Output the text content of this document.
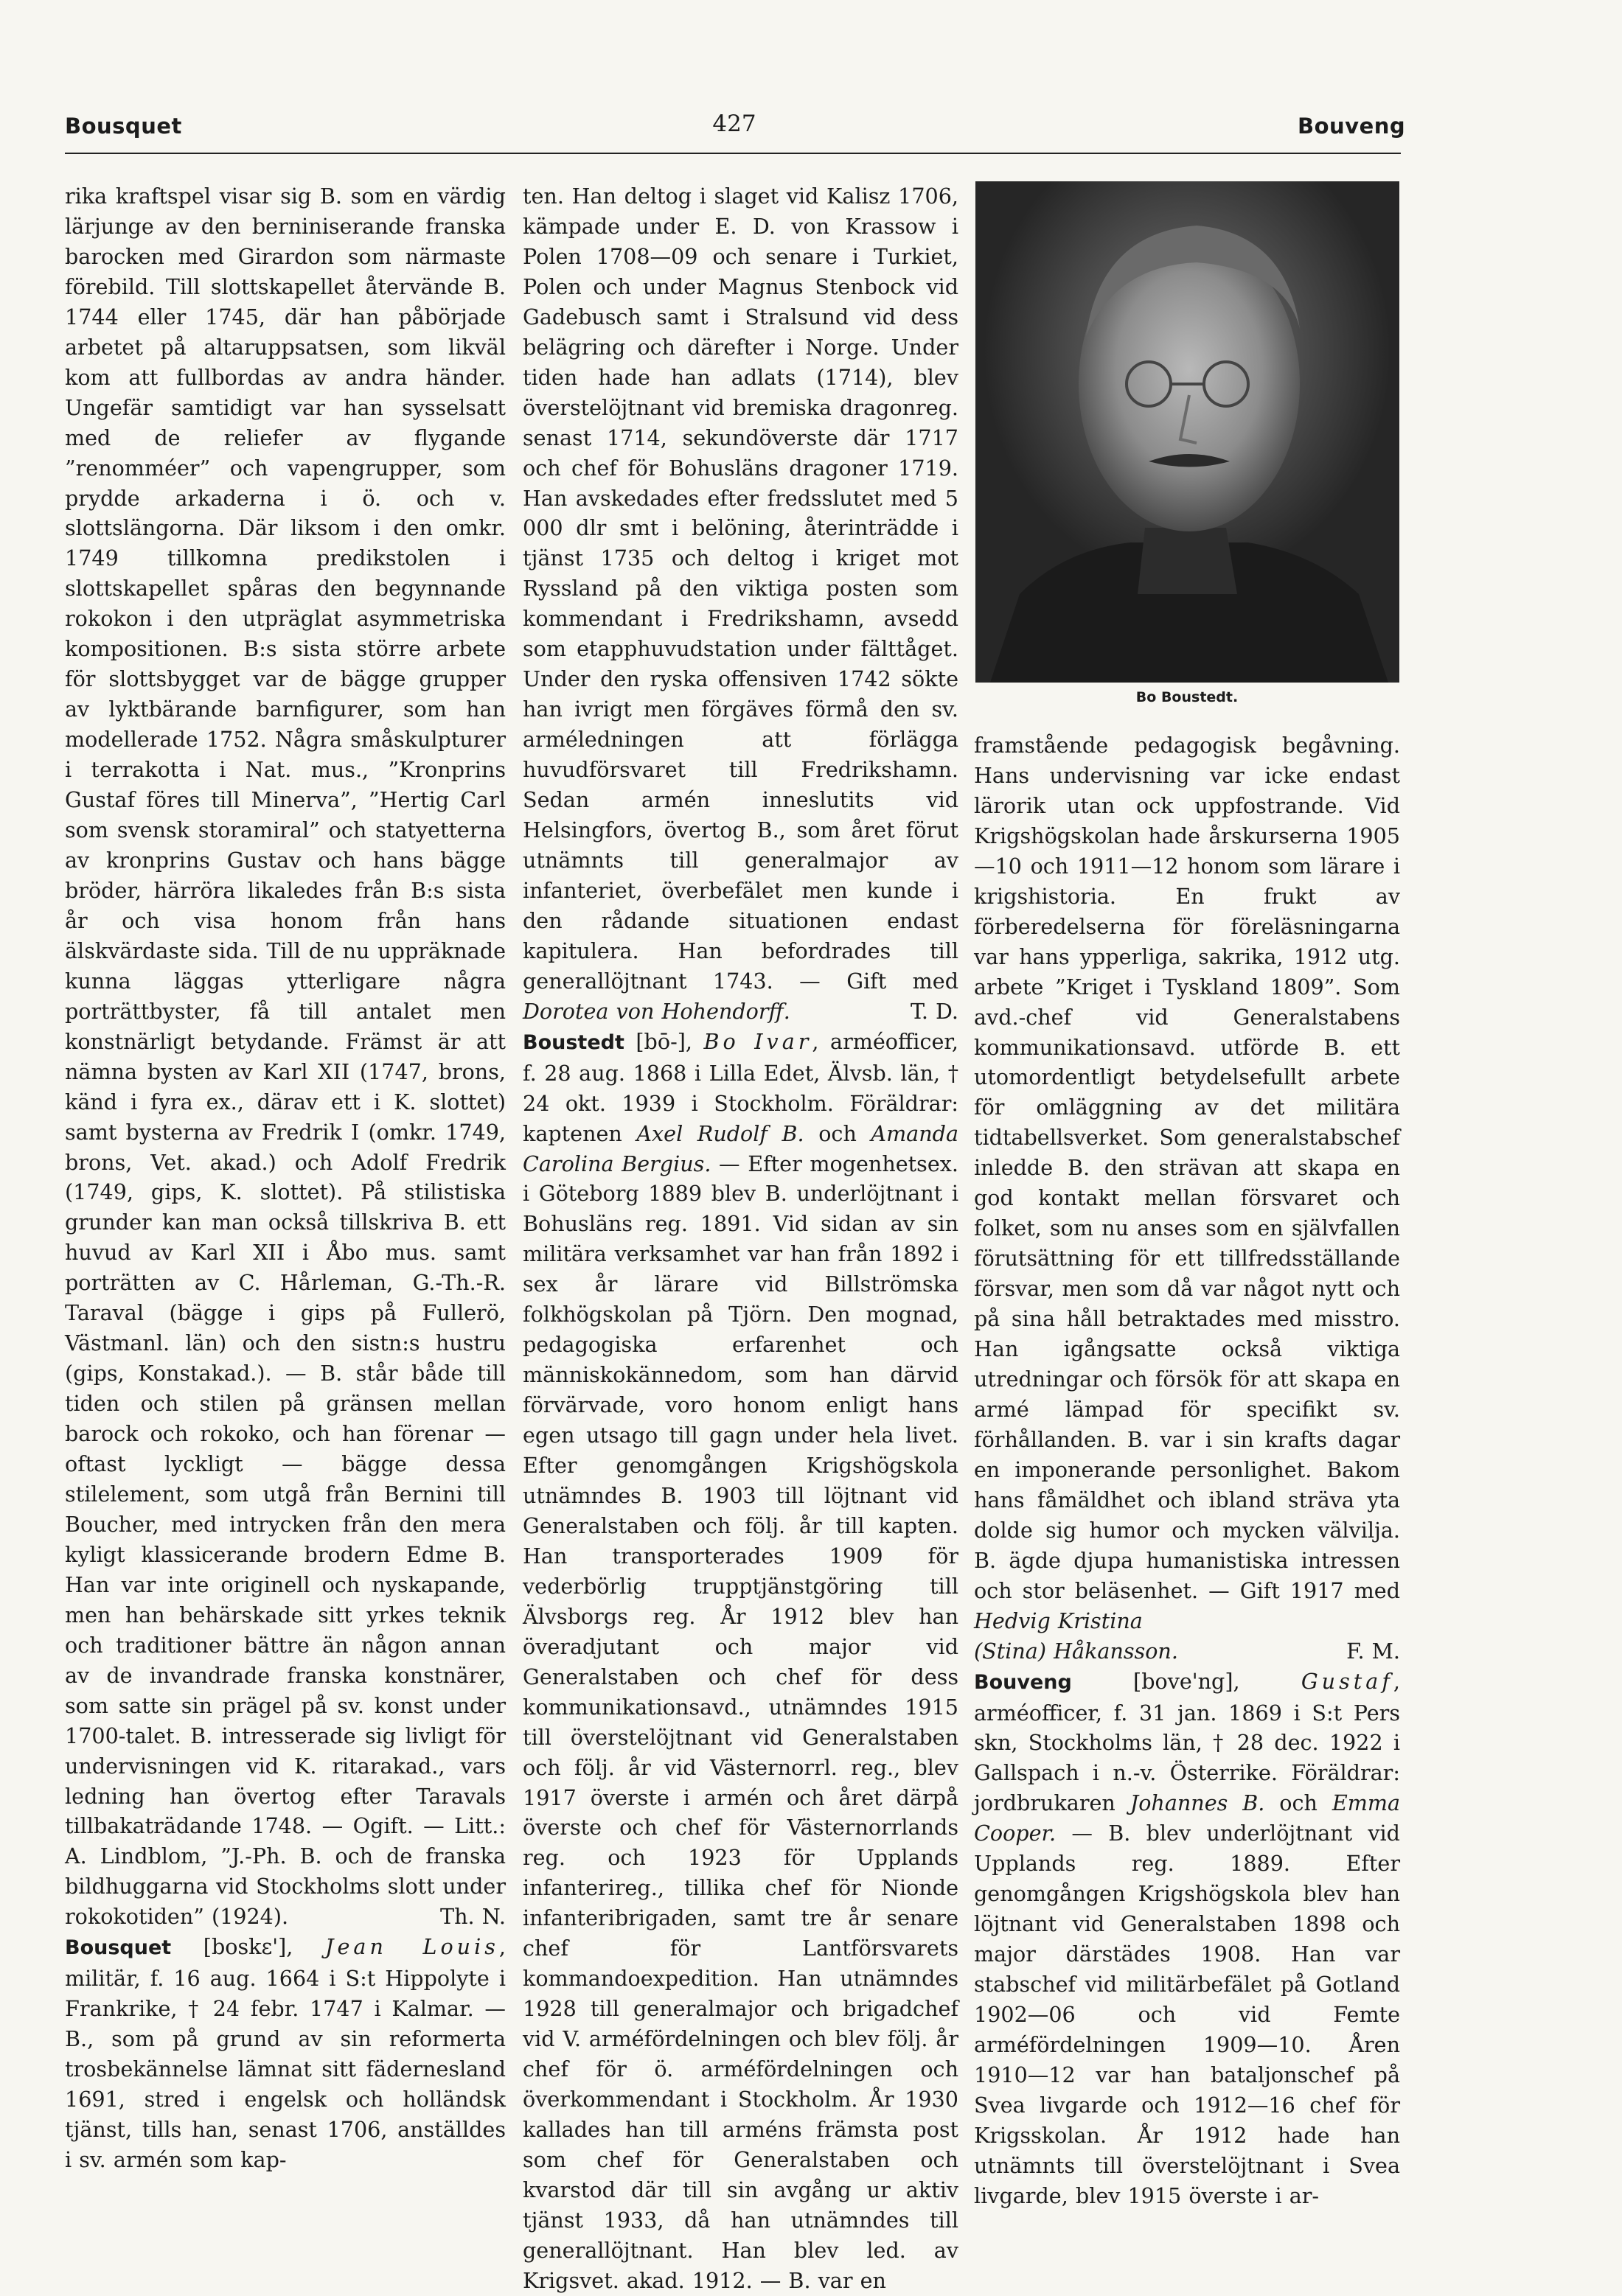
Bousquet	427	Bouveng

rika kraftspel visar sig B. som en värdig lärjunge av den berniniserande franska barocken med Girardon som närmaste förebild. Till slottskapellet återvände B. 1744 eller 1745, där han påbörjade arbetet på altaruppsatsen, som likväl kom att fullbordas av andra händer. Ungefär samtidigt var han sysselsatt med de reliefer av flygande ”renomméer” och vapengrupper, som prydde arkaderna i ö. och v. slottslängorna. Där liksom i den omkr. 1749 tillkomna predikstolen i slottskapellet spåras den begynnande rokokon i den utpräglat asymmetriska kompositionen. B:s sista större arbete för slottsbygget var de bägge grupper av lyktbärande barnfigurer, som han modellerade 1752. Några småskulpturer i terrakotta i Nat. mus., ”Kronprins Gustaf föres till Minerva”, ”Hertig Carl som svensk storamiral” och statyetterna av kronprins Gustav och hans bägge bröder, härröra likaledes från B:s sista år och visa honom från hans älskvärdaste sida. Till de nu uppräknade kunna läggas ytterligare några porträttbyster, få till antalet men konstnärligt betydande. Främst är att nämna bysten av Karl XII (1747, brons, känd i fyra ex., därav ett i K. slottet) samt bysterna av Fredrik I (omkr. 1749, brons, Vet. akad.) och Adolf Fredrik (1749, gips, K. slottet). På stilistiska grunder kan man också tillskriva B. ett huvud av Karl XII i Åbo mus. samt porträtten av C. Hårleman, G.-Th.-R. Taraval (bägge i gips på Fullerö, Västmanl. län) och den sistn:s hustru (gips, Konstakad.). — B. står både till tiden och stilen på gränsen mellan barock och rokoko, och han förenar — oftast lyckligt — bägge dessa stilelement, som utgå från Bernini till Boucher, med intrycken från den mera kyligt klassicerande brodern Edme B. Han var inte originell och nyskapande, men han behärskade sitt yrkes teknik och traditioner bättre än någon annan av de invandrade franska konstnärer, som satte sin prägel på sv. konst under 1700-talet. B. intresserade sig livligt för undervisningen vid K. ritarakad., vars ledning han övertog efter Taravals tillbakaträdande 1748. — Ogift. — Litt.: A. Lindblom, ”J.-Ph. B. och de franska bildhuggarna vid Stockholms slott under rokokotiden” (1924).	Th. N.

Bousquet [boskɛ'], Jean Louis, militär, f. 16 aug. 1664 i S:t Hippolyte i Frankrike, † 24 febr. 1747 i Kalmar. — B., som på grund av sin reformerta trosbekännelse lämnat sitt fädernesland 1691, stred i engelsk och holländsk tjänst, tills han, senast 1706, anställdes i sv. armén som kap-

ten. Han deltog i slaget vid Kalisz 1706, kämpade under E. D. von Krassow i Polen 1708—09 och senare i Turkiet, Polen och under Magnus Stenbock vid Gadebusch samt i Stralsund vid dess belägring och därefter i Norge. Under tiden hade han adlats (1714), blev överstelöjtnant vid bremiska dragonreg. senast 1714, sekundöverste där 1717 och chef för Bohusläns dragoner 1719. Han avskedades efter fredsslutet med 5 000 dlr smt i belöning, återinträdde i tjänst 1735 och deltog i kriget mot Ryssland på den viktiga posten som kommendant i Fredrikshamn, avsedd som etapphuvudstation under fälttåget. Under den ryska offensiven 1742 sökte han ivrigt men förgäves förmå den sv. arméledningen att förlägga huvudförsvaret till Fredrikshamn. Sedan armén inneslutits vid Helsingfors, övertog B., som året förut utnämnts till generalmajor av infanteriet, överbefälet men kunde i den rådande situationen endast kapitulera. Han befordrades till generallöjtnant 1743. — Gift med Dorotea von Hohendorff.	T. D.

Boustedt [bō-], Bo Ivar, arméofficer, f. 28 aug. 1868 i Lilla Edet, Älvsb. län, † 24 okt. 1939 i Stockholm. Föräldrar: kaptenen Axel Rudolf B. och Amanda Carolina Bergius. — Efter mogenhetsex. i Göteborg 1889 blev B. underlöjtnant i Bohusläns reg. 1891. Vid sidan av sin militära verksamhet var han från 1892 i sex år lärare vid Billströmska folkhögskolan på Tjörn. Den mognad, pedagogiska erfarenhet och människokännedom, som han därvid förvärvade, voro honom enligt hans egen utsago till gagn under hela livet. Efter genomgången Krigshögskola utnämndes B. 1903 till löjtnant vid Generalstaben och följ. år till kapten. Han transporterades 1909 för vederbörlig trupptjänstgöring till Älvsborgs reg. År 1912 blev han överadjutant och major vid Generalstaben och chef för dess kommunikationsavd., utnämndes 1915 till överstelöjtnant vid Generalstaben och följ. år vid Västernorrl. reg., blev 1917 överste i armén och året därpå överste och chef för Västernorrlands reg. och 1923 för Upplands infanterireg., tillika chef för Nionde infanteribrigaden, samt tre år senare chef för Lantförsvarets kommandoexpedition. Han utnämndes 1928 till generalmajor och brigadchef vid V. arméfördelningen och blev följ. år chef för ö. arméfördelningen och överkommendant i Stockholm. År 1930 kallades han till arméns främsta post som chef för Generalstaben och kvarstod där till sin avgång ur aktiv tjänst 1933, då han utnämndes till generallöjtnant. Han blev led. av Krigsvet. akad. 1912. — B. var en

Bo Boustedt.

framstående pedagogisk begåvning. Hans undervisning var icke endast lärorik utan ock uppfostrande. Vid Krigshögskolan hade årskurserna 1905—10 och 1911—12 honom som lärare i krigshistoria. En frukt av förberedelserna för föreläsningarna var hans ypperliga, sakrika, 1912 utg. arbete ”Kriget i Tyskland 1809”. Som avd.-chef vid Generalstabens kommunikationsavd. utförde B. ett utomordentligt betydelsefullt arbete för omläggning av det militära tidtabellsverket. Som generalstabschef inledde B. den strävan att skapa en god kontakt mellan försvaret och folket, som nu anses som en självfallen förutsättning för ett tillfredsställande försvar, men som då var något nytt och på sina håll betraktades med misstro. Han igångsatte också viktiga utredningar och försök för att skapa en armé lämpad för specifikt sv. förhållanden. B. var i sin krafts dagar en imponerande personlighet. Bakom hans fåmäldhet och ibland sträva yta dolde sig humor och mycken välvilja. B. ägde djupa humanistiska intressen och stor beläsenhet. — Gift 1917 med Hedvig Kristina
(Stina) Håkansson.	F. M.

Bouveng [bove'ng], Gustaf, arméofficer, f. 31 jan. 1869 i S:t Pers skn, Stockholms län, † 28 dec. 1922 i Gallspach i n.-v. Österrike. Föräldrar: jordbrukaren Johannes B. och Emma Cooper. — B. blev underlöjtnant vid Upplands reg. 1889. Efter genomgången Krigshögskola blev han löjtnant vid Generalstaben 1898 och major därstädes 1908. Han var stabschef vid militärbefälet på Gotland 1902—06 och vid Femte arméfördelningen 1909—10. Åren 1910—12 var han bataljonschef på Svea livgarde och 1912—16 chef för Krigsskolan. År 1912 hade han utnämnts till överstelöjtnant i Svea livgarde, blev 1915 överste i ar-
